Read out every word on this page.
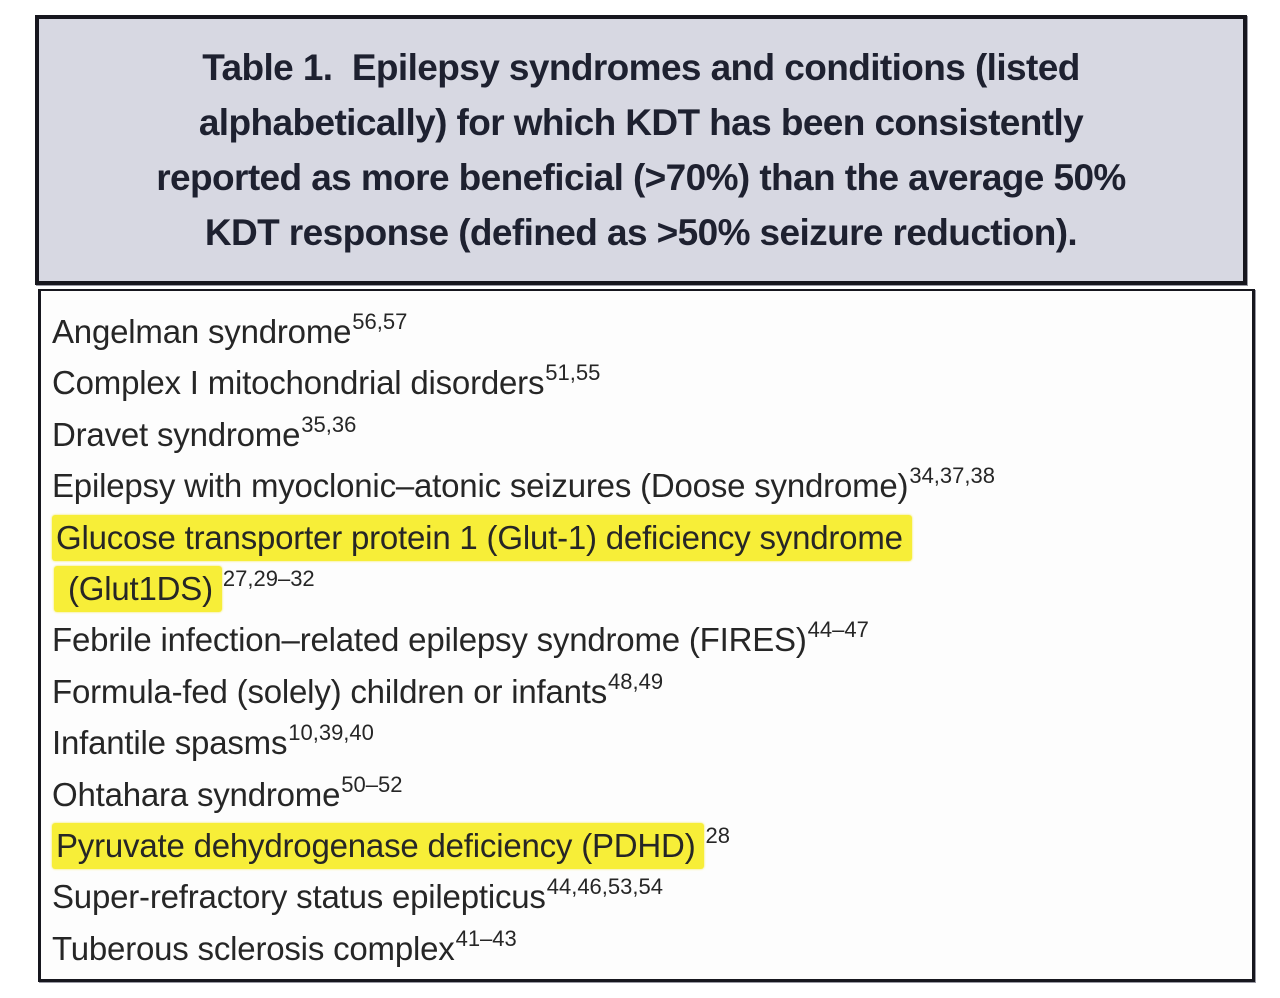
Table 1.  Epilepsy syndromes and conditions (listed
alphabetically) for which KDT has been consistently
reported as more beneficial (>70%) than the average 50%
KDT response (defined as >50% seizure reduction).
Angelman syndrome$^{56,57}$
Complex I mitochondrial disorders$^{51,55}$
Dravet syndrome$^{35,36}$
Epilepsy with myoclonic–atonic seizures (Doose syndrome)$^{34,37,38}$
Glucose transporter protein 1 (Glut-1) deficiency syndrome
(Glut1DS) $^{27,29-32}$
Febrile infection–related epilepsy syndrome (FIRES)$^{44-47}$
Formula-fed (solely) children or infants$^{48,49}$
Infantile spasms$^{10,39,40}$
Ohtahara syndrome$^{50-52}$
Pyruvate dehydrogenase deficiency (PDHD) $^{28}$
Super-refractory status epilepticus$^{44,46,53,54}$
Tuberous sclerosis complex$^{41-43}$
